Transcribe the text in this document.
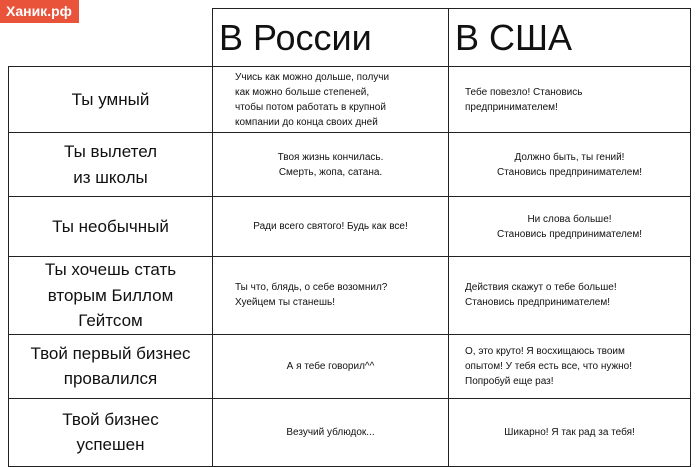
Ханик.рф
	В России	В США
Ты умный	Учись как можно дольше, получи
как можно больше степеней,
чтобы потом работать в крупной
компании до конца своих дней	Тебе повезло! Становись
предпринимателем!
Ты вылетел
из школы	Твоя жизнь кончилась.
Смерть, жопа, сатана.	Должно быть, ты гений!
Становись предпринимателем!
Ты необычный	Ради всего святого! Будь как все!	Ни слова больше!
Становись предпринимателем!
Ты хочешь стать
вторым Биллом Гейтсом	Ты что, блядь, о себе возомнил?
Хуейцем ты станешь!	Действия скажут о тебе больше!
Становись предпринимателем!
Твой первый бизнес
провалился	А я тебе говорил^^	О, это круто! Я восхищаюсь твоим
опытом! У тебя есть все, что нужно!
Попробуй еще раз!
Твой бизнес
успешен	Везучий ублюдок...	Шикарно! Я так рад за тебя!
